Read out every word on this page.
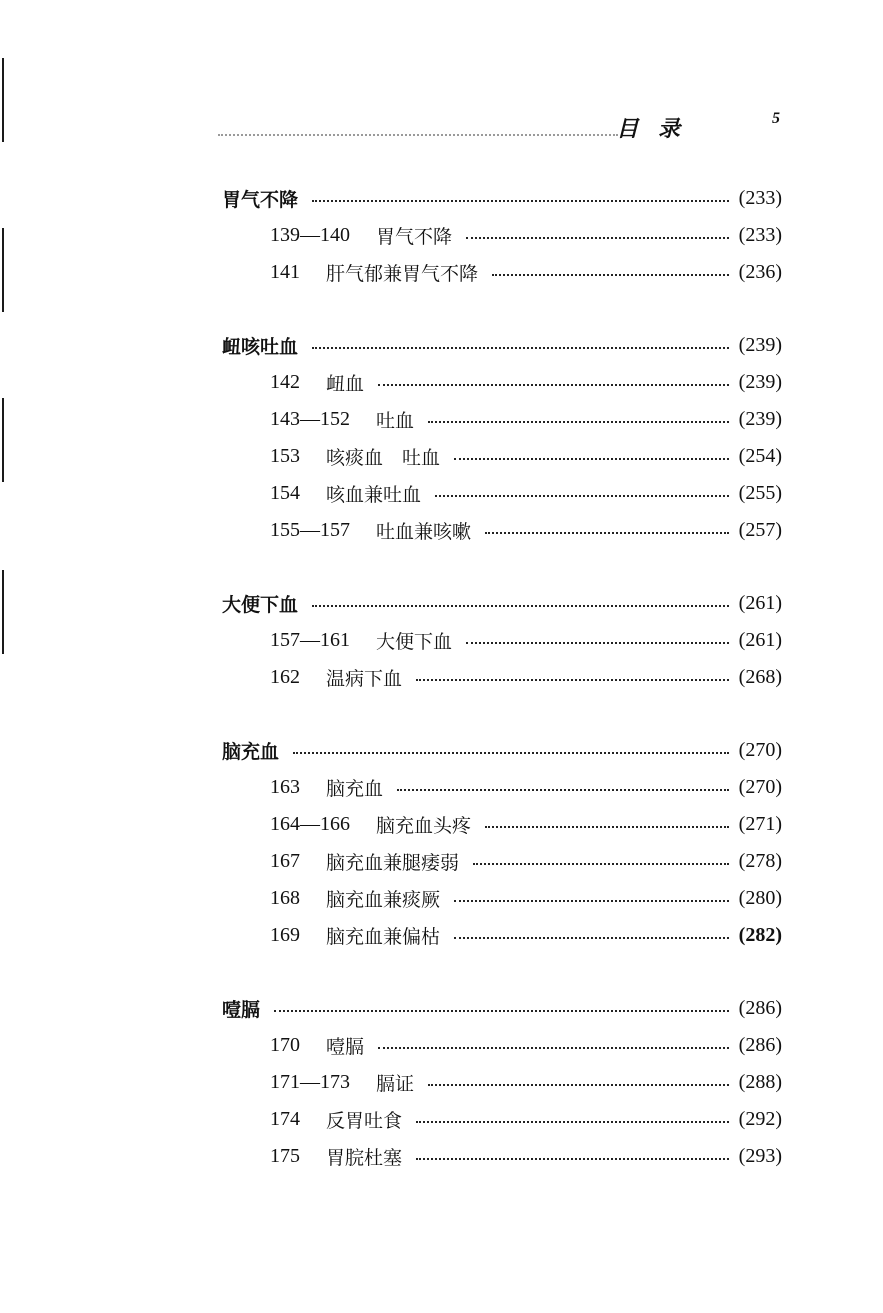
目 录	5
胃气不降	(233)
139—140	胃气不降	(233)
141	肝气郁兼胃气不降	(236)
衄咳吐血	(239)
142	衄血	(239)
143—152	吐血	(239)
153	咳痰血　吐血	(254)
154	咳血兼吐血	(255)
155—157	吐血兼咳嗽	(257)
大便下血	(261)
157—161	大便下血	(261)
162	温病下血	(268)
脑充血	(270)
163	脑充血	(270)
164—166	脑充血头疼	(271)
167	脑充血兼腿痿弱	(278)
168	脑充血兼痰厥	(280)
169	脑充血兼偏枯	(282)
噎膈	(286)
170	噎膈	(286)
171—173	膈证	(288)
174	反胃吐食	(292)
175	胃脘杜塞	(293)
